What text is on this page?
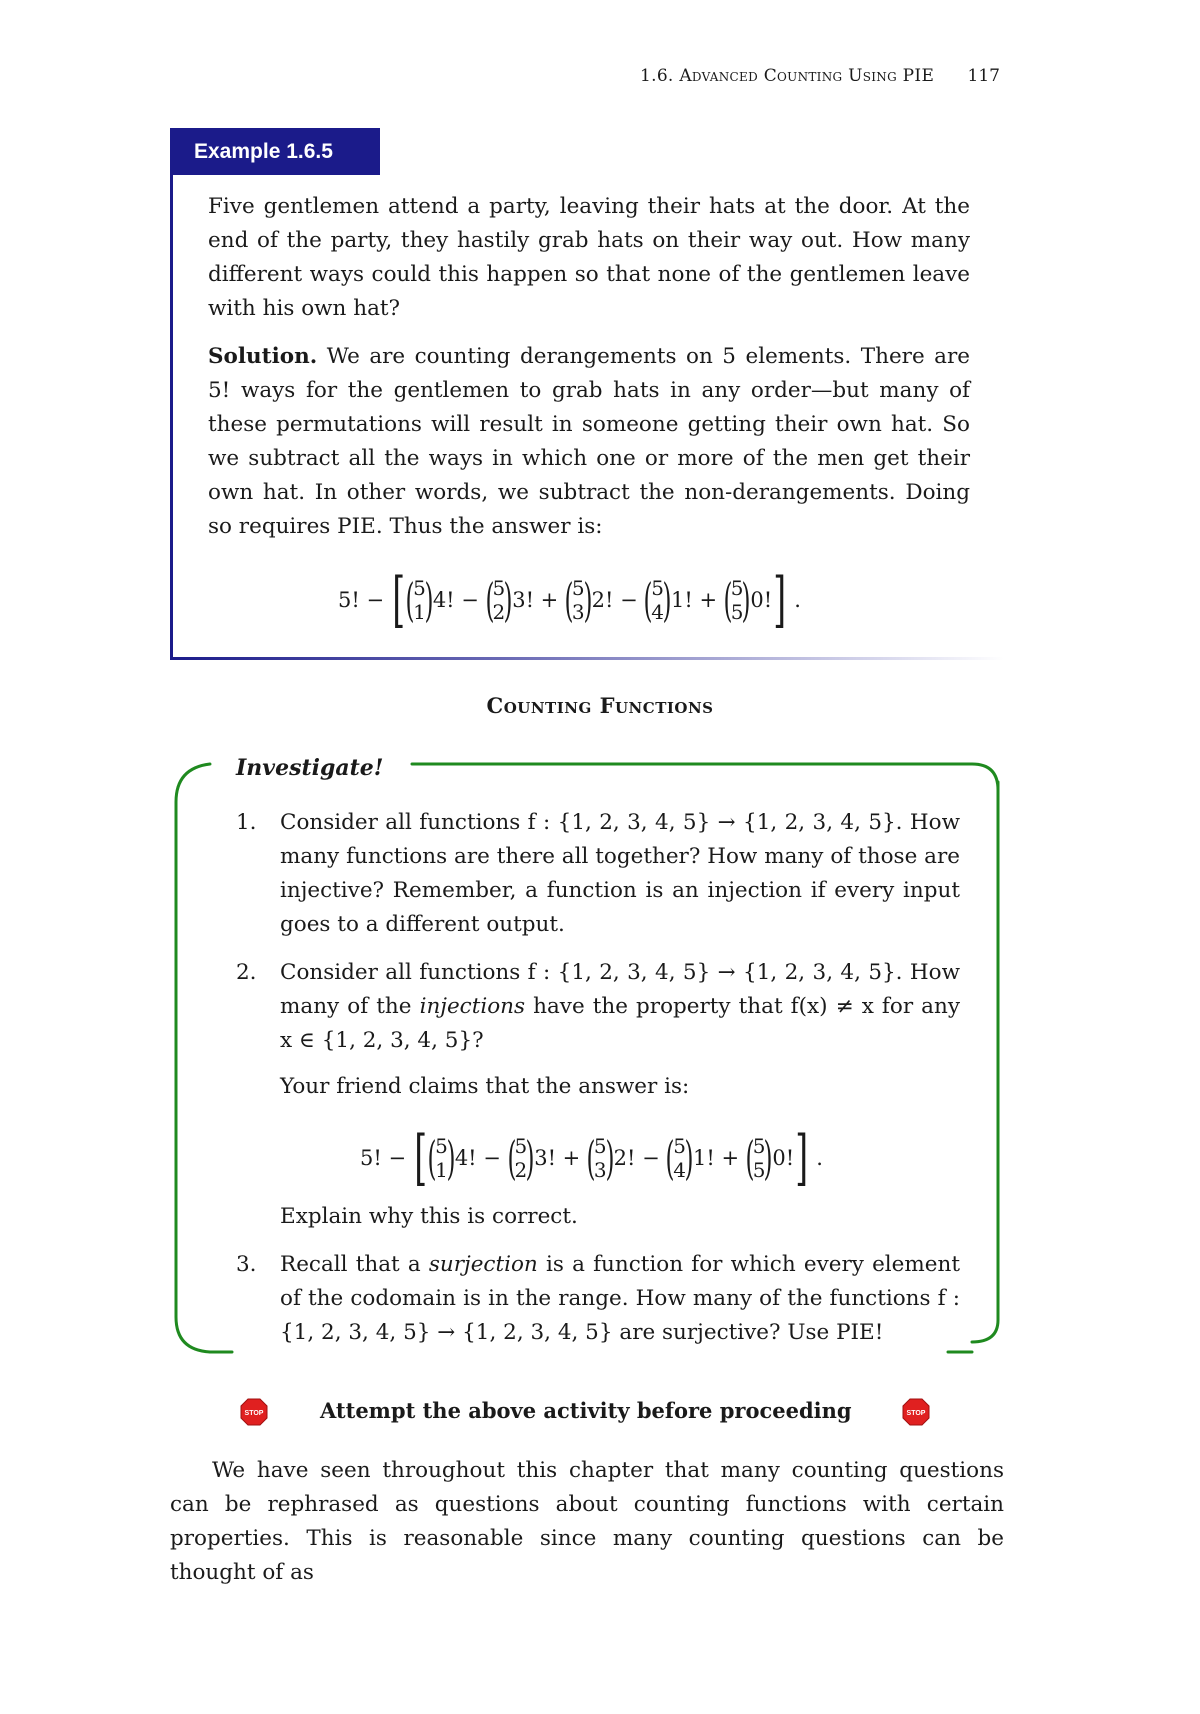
1.6. Advanced Counting Using PIE 117
Example 1.6.5

Five gentlemen attend a party, leaving their hats at the door. At the end of the party, they hastily grab hats on their way out. How many different ways could this happen so that none of the gentlemen leave with his own hat?

Solution. We are counting derangements on 5 elements. There are 5! ways for the gentlemen to grab hats in any order—but many of these permutations will result in someone getting their own hat. So we subtract all the ways in which one or more of the men get their own hat. In other words, we subtract the non-derangements. Doing so requires PIE. Thus the answer is:

5! − [ (
5
1
) 4! − (
5
2
) 3! + (
5
3
) 2! − (
5
4
) 1! + (
5
5
) 0! ] .
Counting Functions
Investigate!
1. Consider all functions f : {1, 2, 3, 4, 5} → {1, 2, 3, 4, 5}. How many functions are there all together? How many of those are injective? Remember, a function is an injection if every input goes to a different output.

2. Consider all functions f : {1, 2, 3, 4, 5} → {1, 2, 3, 4, 5}. How many of the injections have the property that f(x) ≠ x for any x ∈ {1, 2, 3, 4, 5}?

Your friend claims that the answer is:

5! − [ (
5
1
) 4! − (
5
2
) 3! + (
5
3
) 2! − (
5
4
) 1! + (
5
5
) 0! ] .

Explain why this is correct.

3. Recall that a surjection is a function for which every element of the codomain is in the range. How many of the functions f : {1, 2, 3, 4, 5} → {1, 2, 3, 4, 5} are surjective? Use PIE!

STOP	Attempt the above activity before proceeding	STOP
We have seen throughout this chapter that many counting questions can be rephrased as questions about counting functions with certain properties. This is reasonable since many counting questions can be thought of as
